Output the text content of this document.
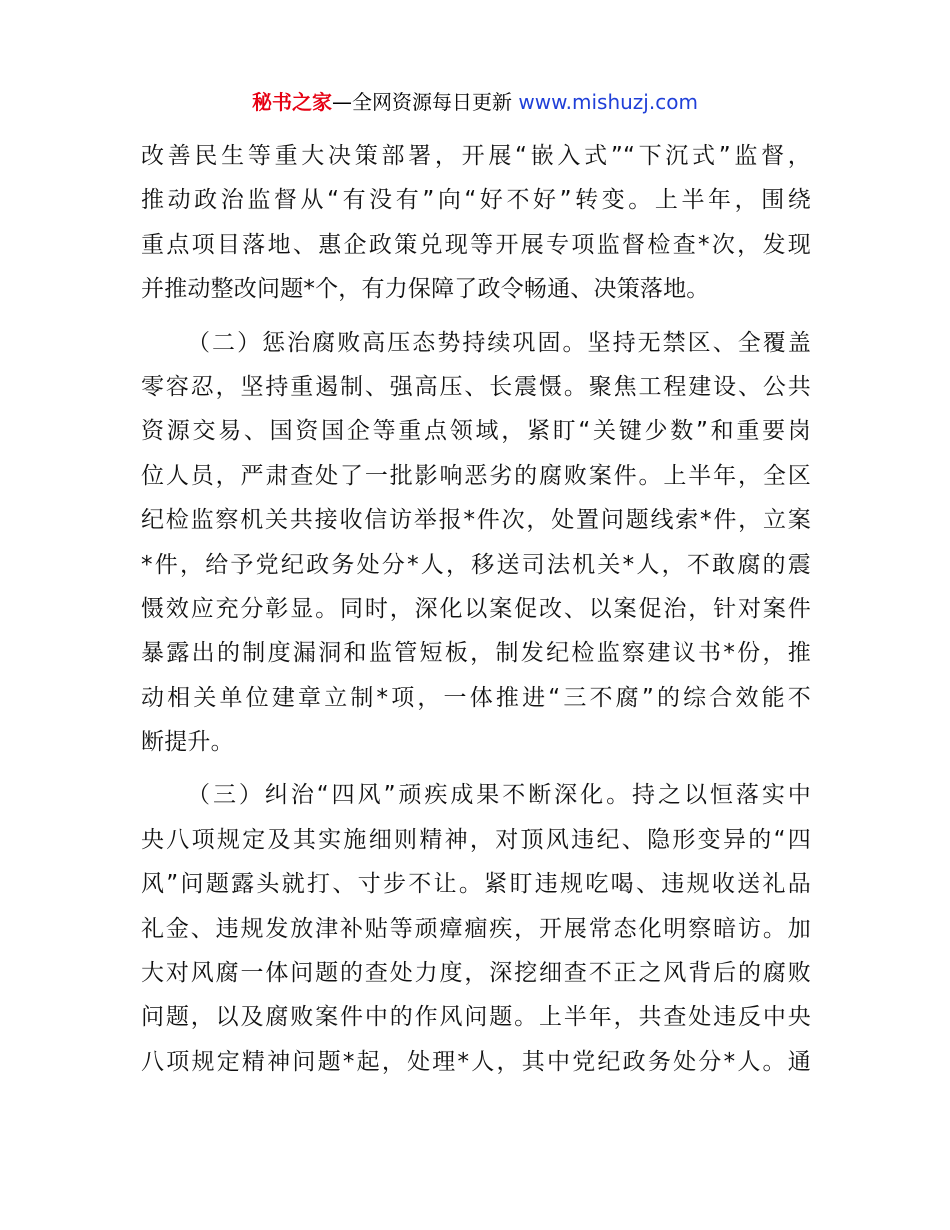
秘书之家—全网资源每日更新 www.mishuzj.com
改善民生等重大决策部署，开展“嵌入式”“下沉式”监督，
推动政治监督从“有没有”向“好不好”转变。上半年，围绕
重点项目落地、惠企政策兑现等开展专项监督检查*次，发现
并推动整改问题*个，有力保障了政令畅通、决策落地。
（二）惩治腐败高压态势持续巩固。坚持无禁区、全覆盖
零容忍，坚持重遏制、强高压、长震慑。聚焦工程建设、公共
资源交易、国资国企等重点领域，紧盯“关键少数”和重要岗
位人员，严肃查处了一批影响恶劣的腐败案件。上半年，全区
纪检监察机关共接收信访举报*件次，处置问题线索*件，立案
*件，给予党纪政务处分*人，移送司法机关*人，不敢腐的震
慑效应充分彰显。同时，深化以案促改、以案促治，针对案件
暴露出的制度漏洞和监管短板，制发纪检监察建议书*份，推
动相关单位建章立制*项，一体推进“三不腐”的综合效能不
断提升。
（三）纠治“四风”顽疾成果不断深化。持之以恒落实中
央八项规定及其实施细则精神，对顶风违纪、隐形变异的“四
风”问题露头就打、寸步不让。紧盯违规吃喝、违规收送礼品
礼金、违规发放津补贴等顽瘴痼疾，开展常态化明察暗访。加
大对风腐一体问题的查处力度，深挖细查不正之风背后的腐败
问题，以及腐败案件中的作风问题。上半年，共查处违反中央
八项规定精神问题*起，处理*人，其中党纪政务处分*人。通
